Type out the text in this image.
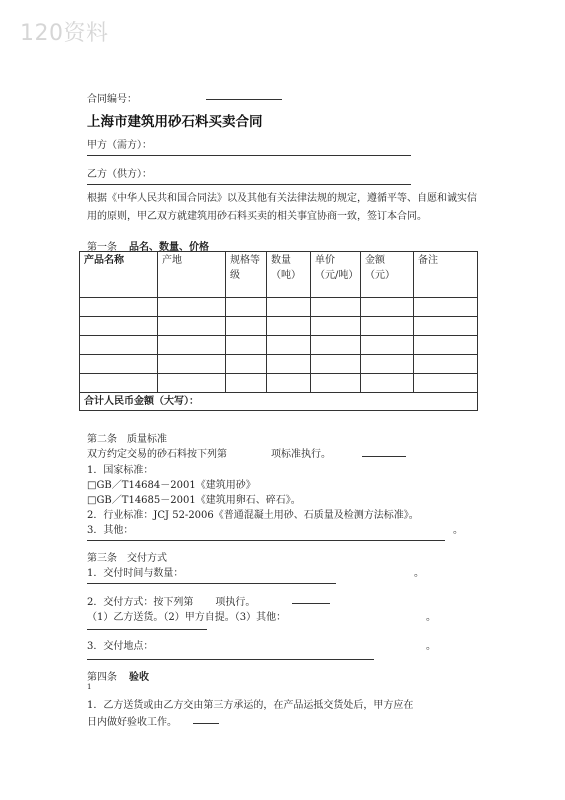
120资料
合同编号：
上海市建筑用砂石料买卖合同
甲方（需方）：
乙方（供方）：
根据《中华人民共和国合同法》以及其他有关法律法规的规定，遵循平等、自愿和诚实信用的原则，甲乙双方就建筑用砂石料买卖的相关事宜协商一致，签订本合同。
第一条 品名、数量、价格
产品名称	产地	规格等级	数量（吨）	单价（元/吨）	金额（元）	备注

合计人民币金额（大写）：						
第二条　质量标准
双方约定交易的砂石料按下列第	项标准执行。
1．国家标准：
□GB／T14684－2001《建筑用砂》
□GB／T14685－2001《建筑用卵石、碎石》。
2．行业标准：JCJ 52-2006《普通混凝土用砂、石质量及检测方法标准》。
3．其他：	。
第三条　交付方式
1．交付时间与数量：	。
2．交付方式：按下列第 项执行。
（1）乙方送货。（2）甲方自提。（3）其他：	。
3．交付地点：	。
第四条 验收
1
1．乙方送货或由乙方交由第三方承运的，在产品运抵交货处后，甲方应在
日内做好验收工作。
